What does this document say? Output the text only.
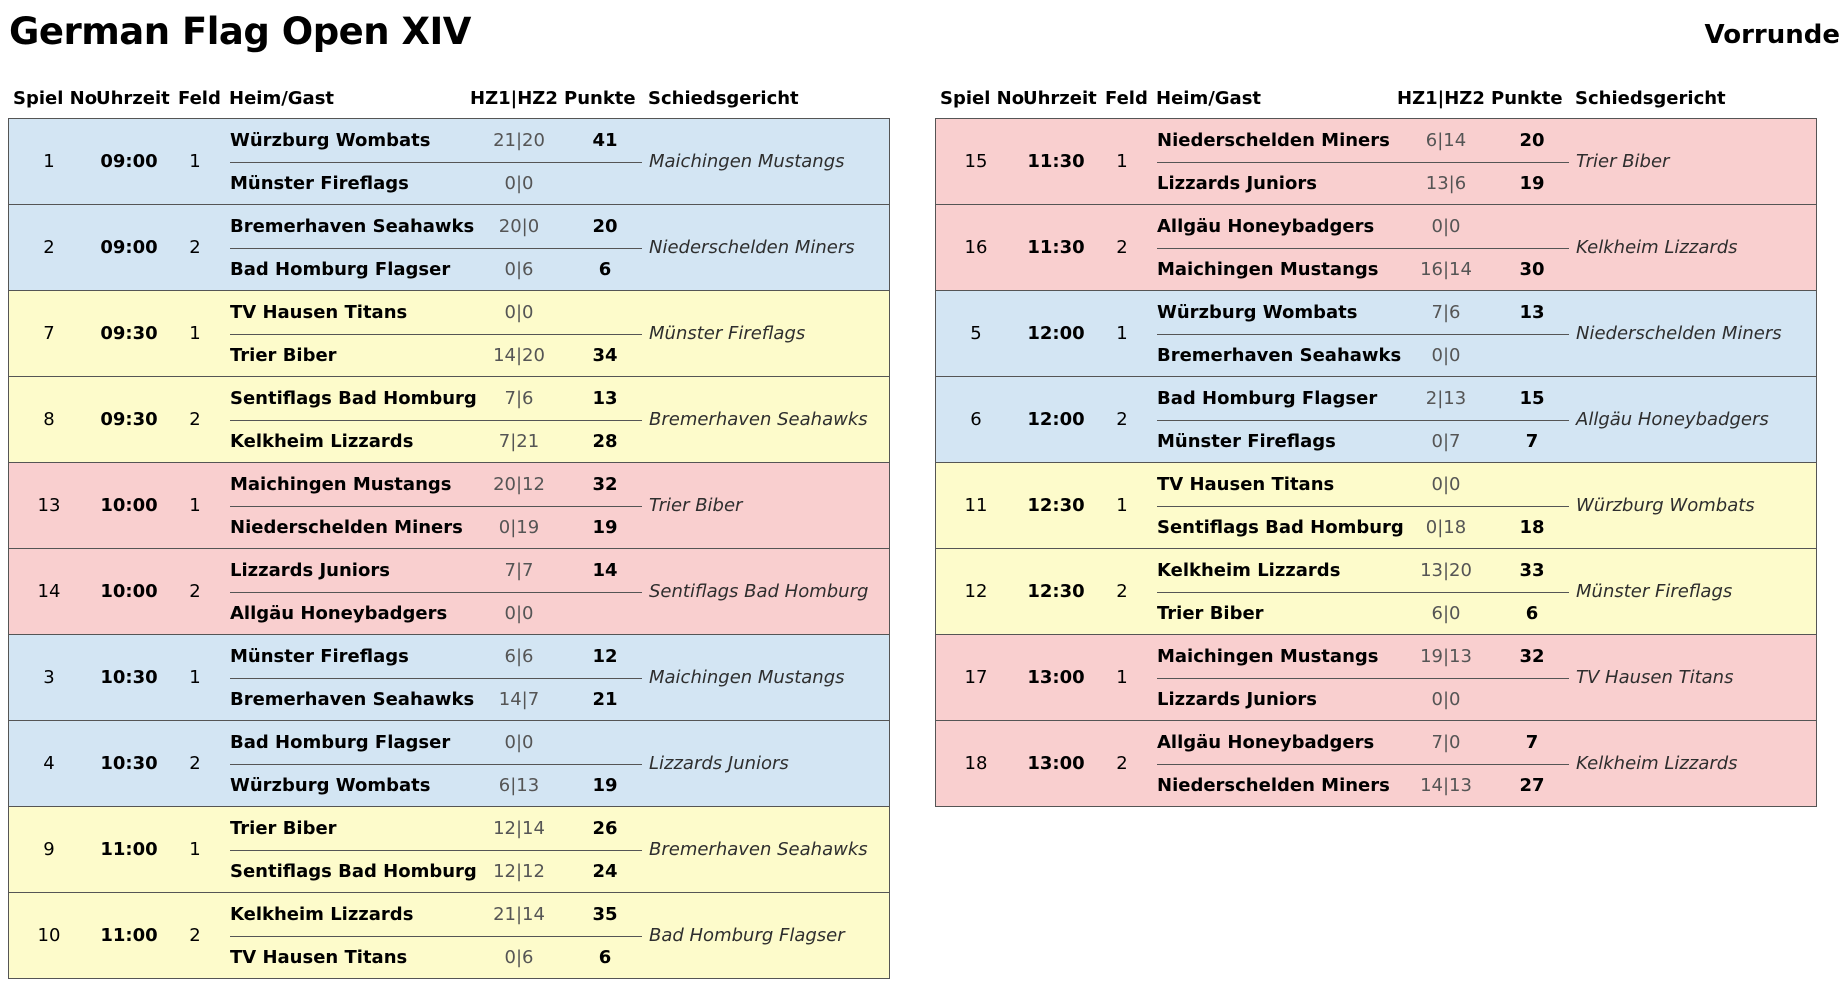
German Flag Open XIV	Vorrunde
Spiel No
Uhrzeit Feld Heim/Gast	HZ1|HZ2 Punkte Schiedsgericht
1	09:00	1
Würzburg Wombats	21|20	41
Münster Fireflags	0|0
Maichingen Mustangs
2	09:00	2
Bremerhaven Seahawks	20|0	20
Bad Homburg Flagser	0|6	6
Niederschelden Miners
7	09:30	1
TV Hausen Titans	0|0
Trier Biber	14|20	34
Münster Fireflags
8	09:30	2
Sentiflags Bad Homburg	7|6	13
Kelkheim Lizzards	7|21	28
Bremerhaven Seahawks
13	10:00	1
Maichingen Mustangs	20|12	32
Niederschelden Miners	0|19	19
Trier Biber
14	10:00	2
Lizzards Juniors	7|7	14
Allgäu Honeybadgers	0|0
Sentiflags Bad Homburg
3	10:30	1
Münster Fireflags	6|6	12
Bremerhaven Seahawks	14|7	21
Maichingen Mustangs
4	10:30	2
Bad Homburg Flagser	0|0
Würzburg Wombats	6|13	19
Lizzards Juniors
9	11:00	1
Trier Biber	12|14	26
Sentiflags Bad Homburg 12|12	24
Bremerhaven Seahawks
10	11:00	2
Kelkheim Lizzards	21|14	35
TV Hausen Titans	0|6	6
Bad Homburg Flagser
Spiel No
Uhrzeit Feld Heim/Gast	HZ1|HZ2 Punkte Schiedsgericht
15	11:30	1
Niederschelden Miners	6|14	20
Lizzards Juniors	13|6	19
Trier Biber
16	11:30	2
Allgäu Honeybadgers	0|0
Maichingen Mustangs	16|14	30
Kelkheim Lizzards
5	12:00	1
Würzburg Wombats	7|6	13
Bremerhaven Seahawks	0|0
Niederschelden Miners
6	12:00	2
Bad Homburg Flagser	2|13	15
Münster Fireflags	0|7	7
Allgäu Honeybadgers
11	12:30	1
TV Hausen Titans	0|0
Sentiflags Bad Homburg	0|18	18
Würzburg Wombats
12	12:30	2
Kelkheim Lizzards	13|20	33
Trier Biber	6|0	6
Münster Fireflags
17	13:00	1
Maichingen Mustangs	19|13	32
Lizzards Juniors	0|0
TV Hausen Titans
18	13:00	2
Allgäu Honeybadgers	7|0	7
Niederschelden Miners	14|13	27
Kelkheim Lizzards
